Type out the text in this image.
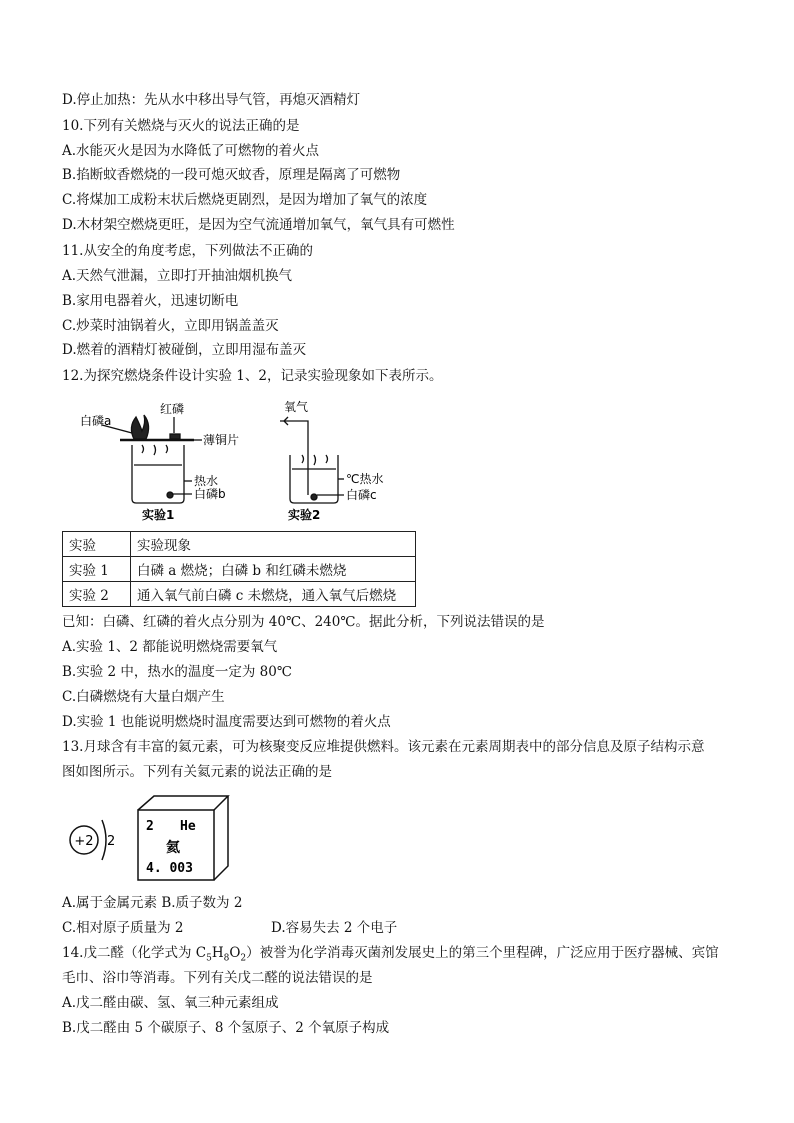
D.停止加热：先从水中移出导气管，再熄灭酒精灯
10.下列有关燃烧与灭火的说法正确的是
A.水能灭火是因为水降低了可燃物的着火点
B.掐断蚊香燃烧的一段可熄灭蚊香，原理是隔离了可燃物
C.将煤加工成粉末状后燃烧更剧烈，是因为增加了氧气的浓度
D.木材架空燃烧更旺，是因为空气流通增加氧气，氧气具有可燃性
11.从安全的角度考虑，下列做法不正确的
A.天然气泄漏，立即打开抽油烟机换气
B.家用电器着火，迅速切断电
C.炒菜时油锅着火，立即用锅盖盖灭
D.燃着的酒精灯被碰倒，立即用湿布盖灭
12.为探究燃烧条件设计实验 1、2，记录实验现象如下表所示。
白磷a
红磷
薄铜片
热水
白磷b
实验1
氧气
℃热水
白磷c
实验2
实验	实验现象
实验 1	白磷 a 燃烧；白磷 b 和红磷未燃烧
实验 2	通入氧气前白磷 c 未燃烧，通入氧气后燃烧
已知：白磷、红磷的着火点分别为 40℃、240℃。据此分析，下列说法错误的是
A.实验 1、2 都能说明燃烧需要氧气
B.实验 2 中，热水的温度一定为 80℃
C.白磷燃烧有大量白烟产生
D.实验 1 也能说明燃烧时温度需要达到可燃物的着火点
13.月球含有丰富的氦元素，可为核聚变反应堆提供燃料。该元素在元素周期表中的部分信息及原子结构示意
图如图所示。下列有关氦元素的说法正确的是
+2 2
2 He
氦
4. 003
A.属于金属元素 B.质子数为 2
C.相对原子质量为 2	D.容易失去 2 个电子
14.戊二醛（化学式为 $C_5H_8O_2$）被誉为化学消毒灭菌剂发展史上的第三个里程碑，广泛应用于医疗器械、宾馆
毛巾、浴巾等消毒。下列有关戊二醛的说法错误的是
A.戊二醛由碳、氢、氧三种元素组成
B.戊二醛由 5 个碳原子、8 个氢原子、2 个氧原子构成
